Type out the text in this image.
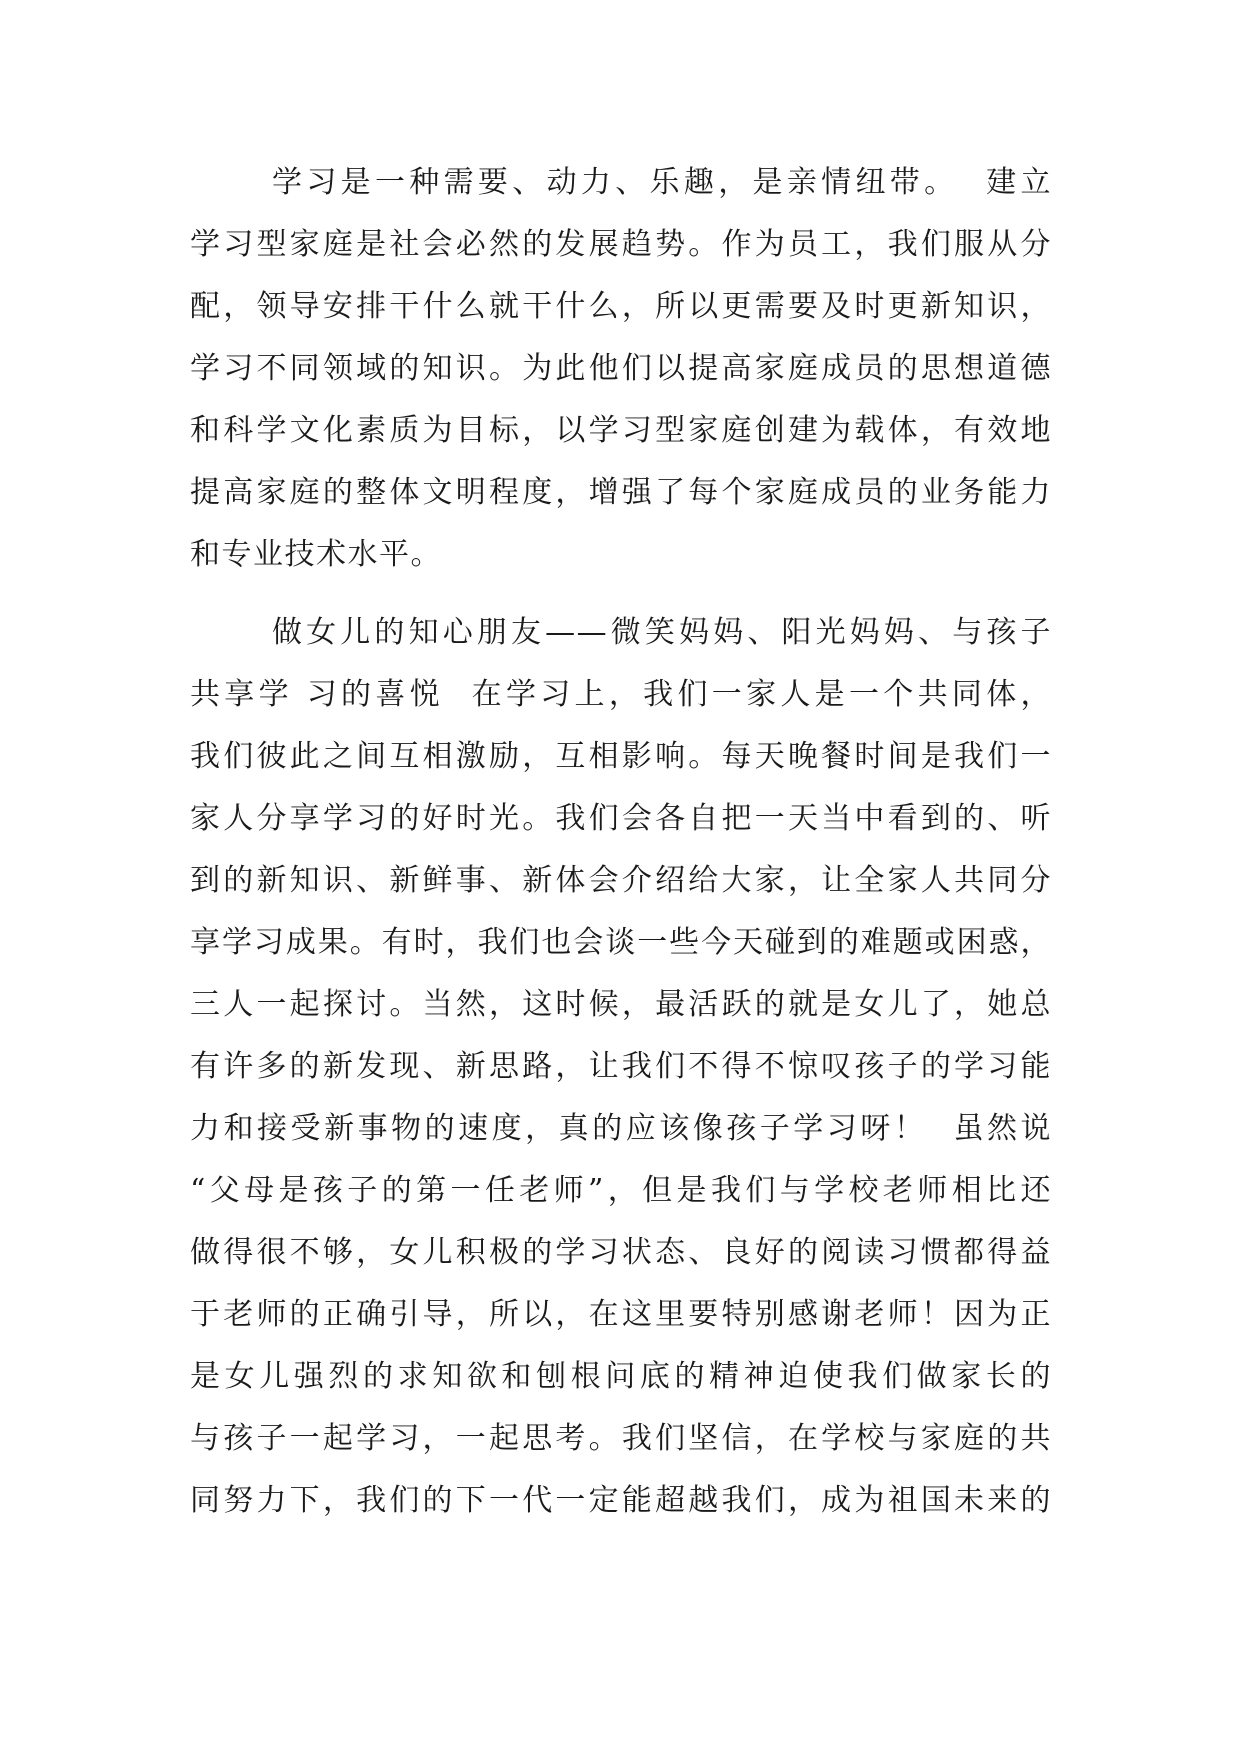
学习是一种需要、动力、乐趣，是亲情纽带。  建立
学习型家庭是社会必然的发展趋势。作为员工，我们服从分
配，领导安排干什么就干什么，所以更需要及时更新知识，
学习不同领域的知识。为此他们以提高家庭成员的思想道德
和科学文化素质为目标，以学习型家庭创建为载体，有效地
提高家庭的整体文明程度，增强了每个家庭成员的业务能力
和专业技术水平。
做女儿的知心朋友——微笑妈妈、阳光妈妈、与孩子
共享学 习的喜悦  在学习上，我们一家人是一个共同体，
我们彼此之间互相激励，互相影响。每天晚餐时间是我们一
家人分享学习的好时光。我们会各自把一天当中看到的、听
到的新知识、新鲜事、新体会介绍给大家，让全家人共同分
享学习成果。有时，我们也会谈一些今天碰到的难题或困惑，
三人一起探讨。当然，这时候，最活跃的就是女儿了，她总
有许多的新发现、新思路，让我们不得不惊叹孩子的学习能
力和接受新事物的速度，真的应该像孩子学习呀！  虽然说
“父母是孩子的第一任老师”，但是我们与学校老师相比还
做得很不够，女儿积极的学习状态、良好的阅读习惯都得益
于老师的正确引导，所以，在这里要特别感谢老师！因为正
是女儿强烈的求知欲和刨根问底的精神迫使我们做家长的
与孩子一起学习，一起思考。我们坚信，在学校与家庭的共
同努力下，我们的下一代一定能超越我们，成为祖国未来的
